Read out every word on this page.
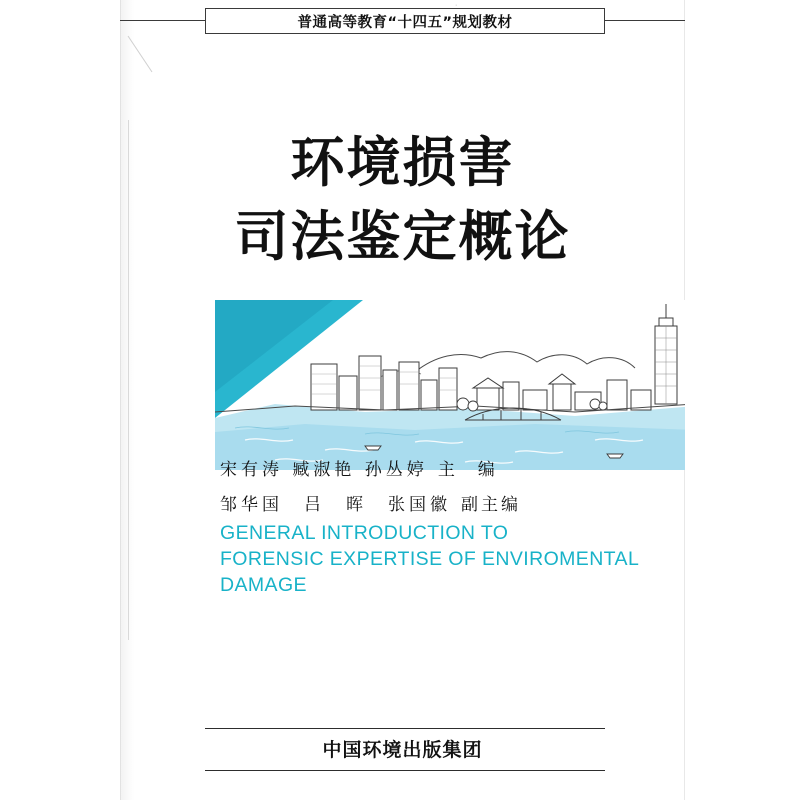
普通高等教育“十四五”规划教材
·
环境损害
司法鉴定概论
宋有涛 臧淑艳 孙丛婷 主　编
邹华国　吕　晖　张国徽 副主编
GENERAL INTRODUCTION TO
FORENSIC EXPERTISE OF ENVIROMENTAL DAMAGE
中国环境出版集团
